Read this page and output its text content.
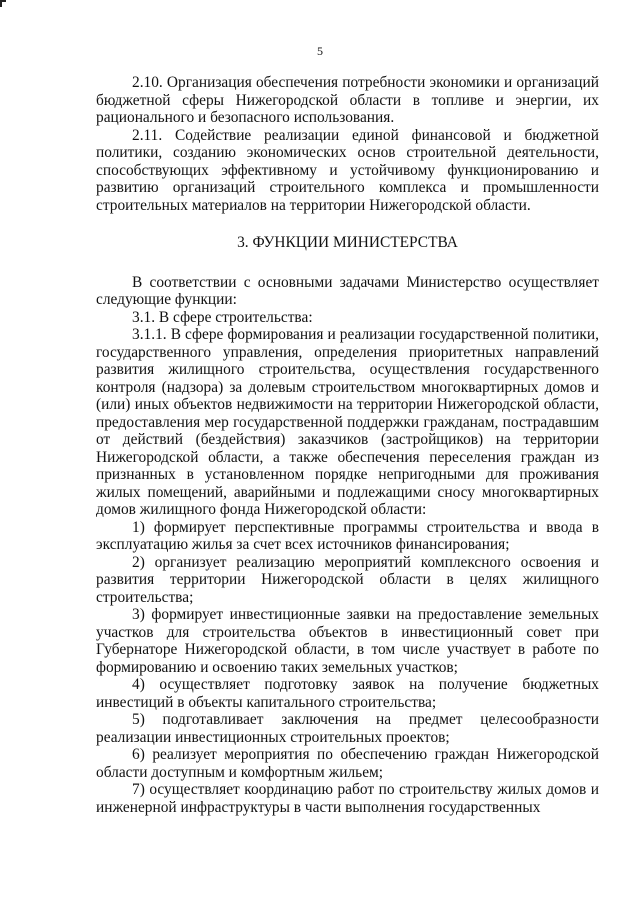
5

2.10. Организация обеспечения потребности экономики и организаций бюджетной сферы Нижегородской области в топливе и энергии, их рационального и безопасного использования.

2.11. Содействие реализации единой финансовой и бюджетной политики, созданию экономических основ строительной деятельности, способствующих эффективному и устойчивому функционированию и развитию организаций строительного комплекса и промышленности строительных материалов на территории Нижегородской области.

3. ФУНКЦИИ МИНИСТЕРСТВА

В соответствии с основными задачами Министерство осуществляет следующие функции:

3.1. В сфере строительства:

3.1.1. В сфере формирования и реализации государственной политики, государственного управления, определения приоритетных направлений развития жилищного строительства, осуществления государственного контроля (надзора) за долевым строительством многоквартирных домов и (или) иных объектов недвижимости на территории Нижегородской области, предоставления мер государственной поддержки гражданам, пострадавшим от действий (бездействия) заказчиков (застройщиков) на территории Нижегородской области, а также обеспечения переселения граждан из признанных в установленном порядке непригодными для проживания жилых помещений, аварийными и подлежащими сносу многоквартирных домов жилищного фонда Нижегородской области:

1) формирует перспективные программы строительства и ввода в эксплуатацию жилья за счет всех источников финансирования;

2) организует реализацию мероприятий комплексного освоения и развития территории Нижегородской области в целях жилищного строительства;

3) формирует инвестиционные заявки на предоставление земельных участков для строительства объектов в инвестиционный совет при Губернаторе Нижегородской области, в том числе участвует в работе по формированию и освоению таких земельных участков;

4) осуществляет подготовку заявок на получение бюджетных инвестиций в объекты капитального строительства;

5) подготавливает заключения на предмет целесообразности реализации инвестиционных строительных проектов;

6) реализует мероприятия по обеспечению граждан Нижегородской области доступным и комфортным жильем;

7) осуществляет координацию работ по строительству жилых домов и инженерной инфраструктуры в части выполнения государственных
